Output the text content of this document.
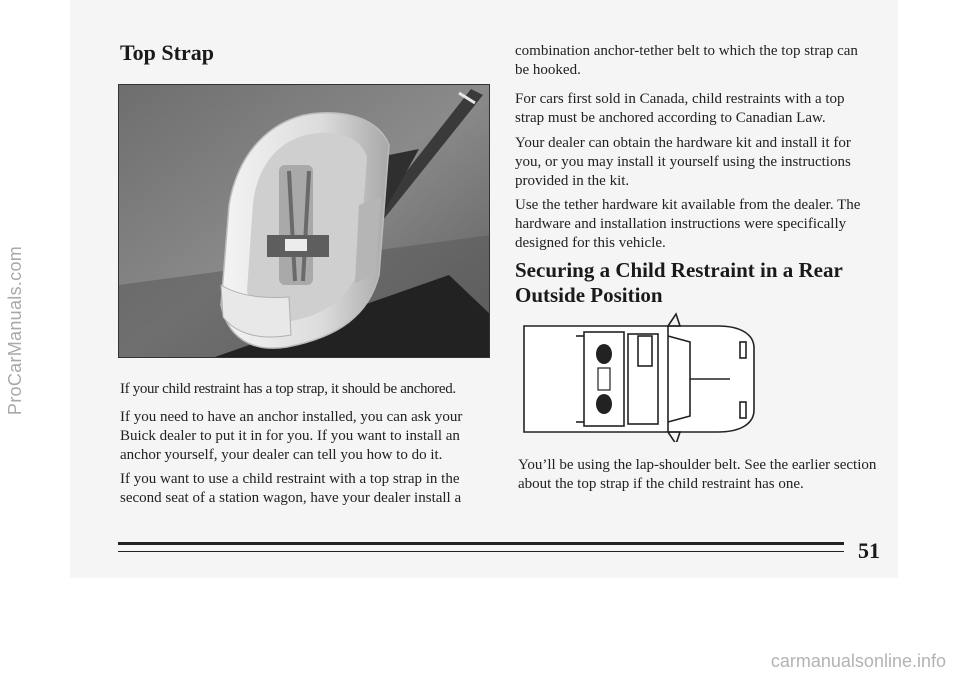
ProCarManuals.com
Top Strap

If your child restraint has a top strap, it should be anchored.

If you need to have an anchor installed, you can ask your Buick dealer to put it in for you. If you want to install an anchor yourself, your dealer can tell you how to do it.

If you want to use a child restraint with a top strap in the second seat of a station wagon, have your dealer install a

combination anchor-tether belt to which the top strap can be hooked.

For cars first sold in Canada, child restraints with a top strap must be anchored according to Canadian Law.

Your dealer can obtain the hardware kit and install it for you, or you may install it yourself using the instructions provided in the kit.

Use the tether hardware kit available from the dealer. The hardware and installation instructions were specifically designed for this vehicle.

Securing a Child Restraint in a Rear Outside Position

You’ll be using the lap-shoulder belt. See the earlier section about the top strap if the child restraint has one.

51
carmanualsonline.info
